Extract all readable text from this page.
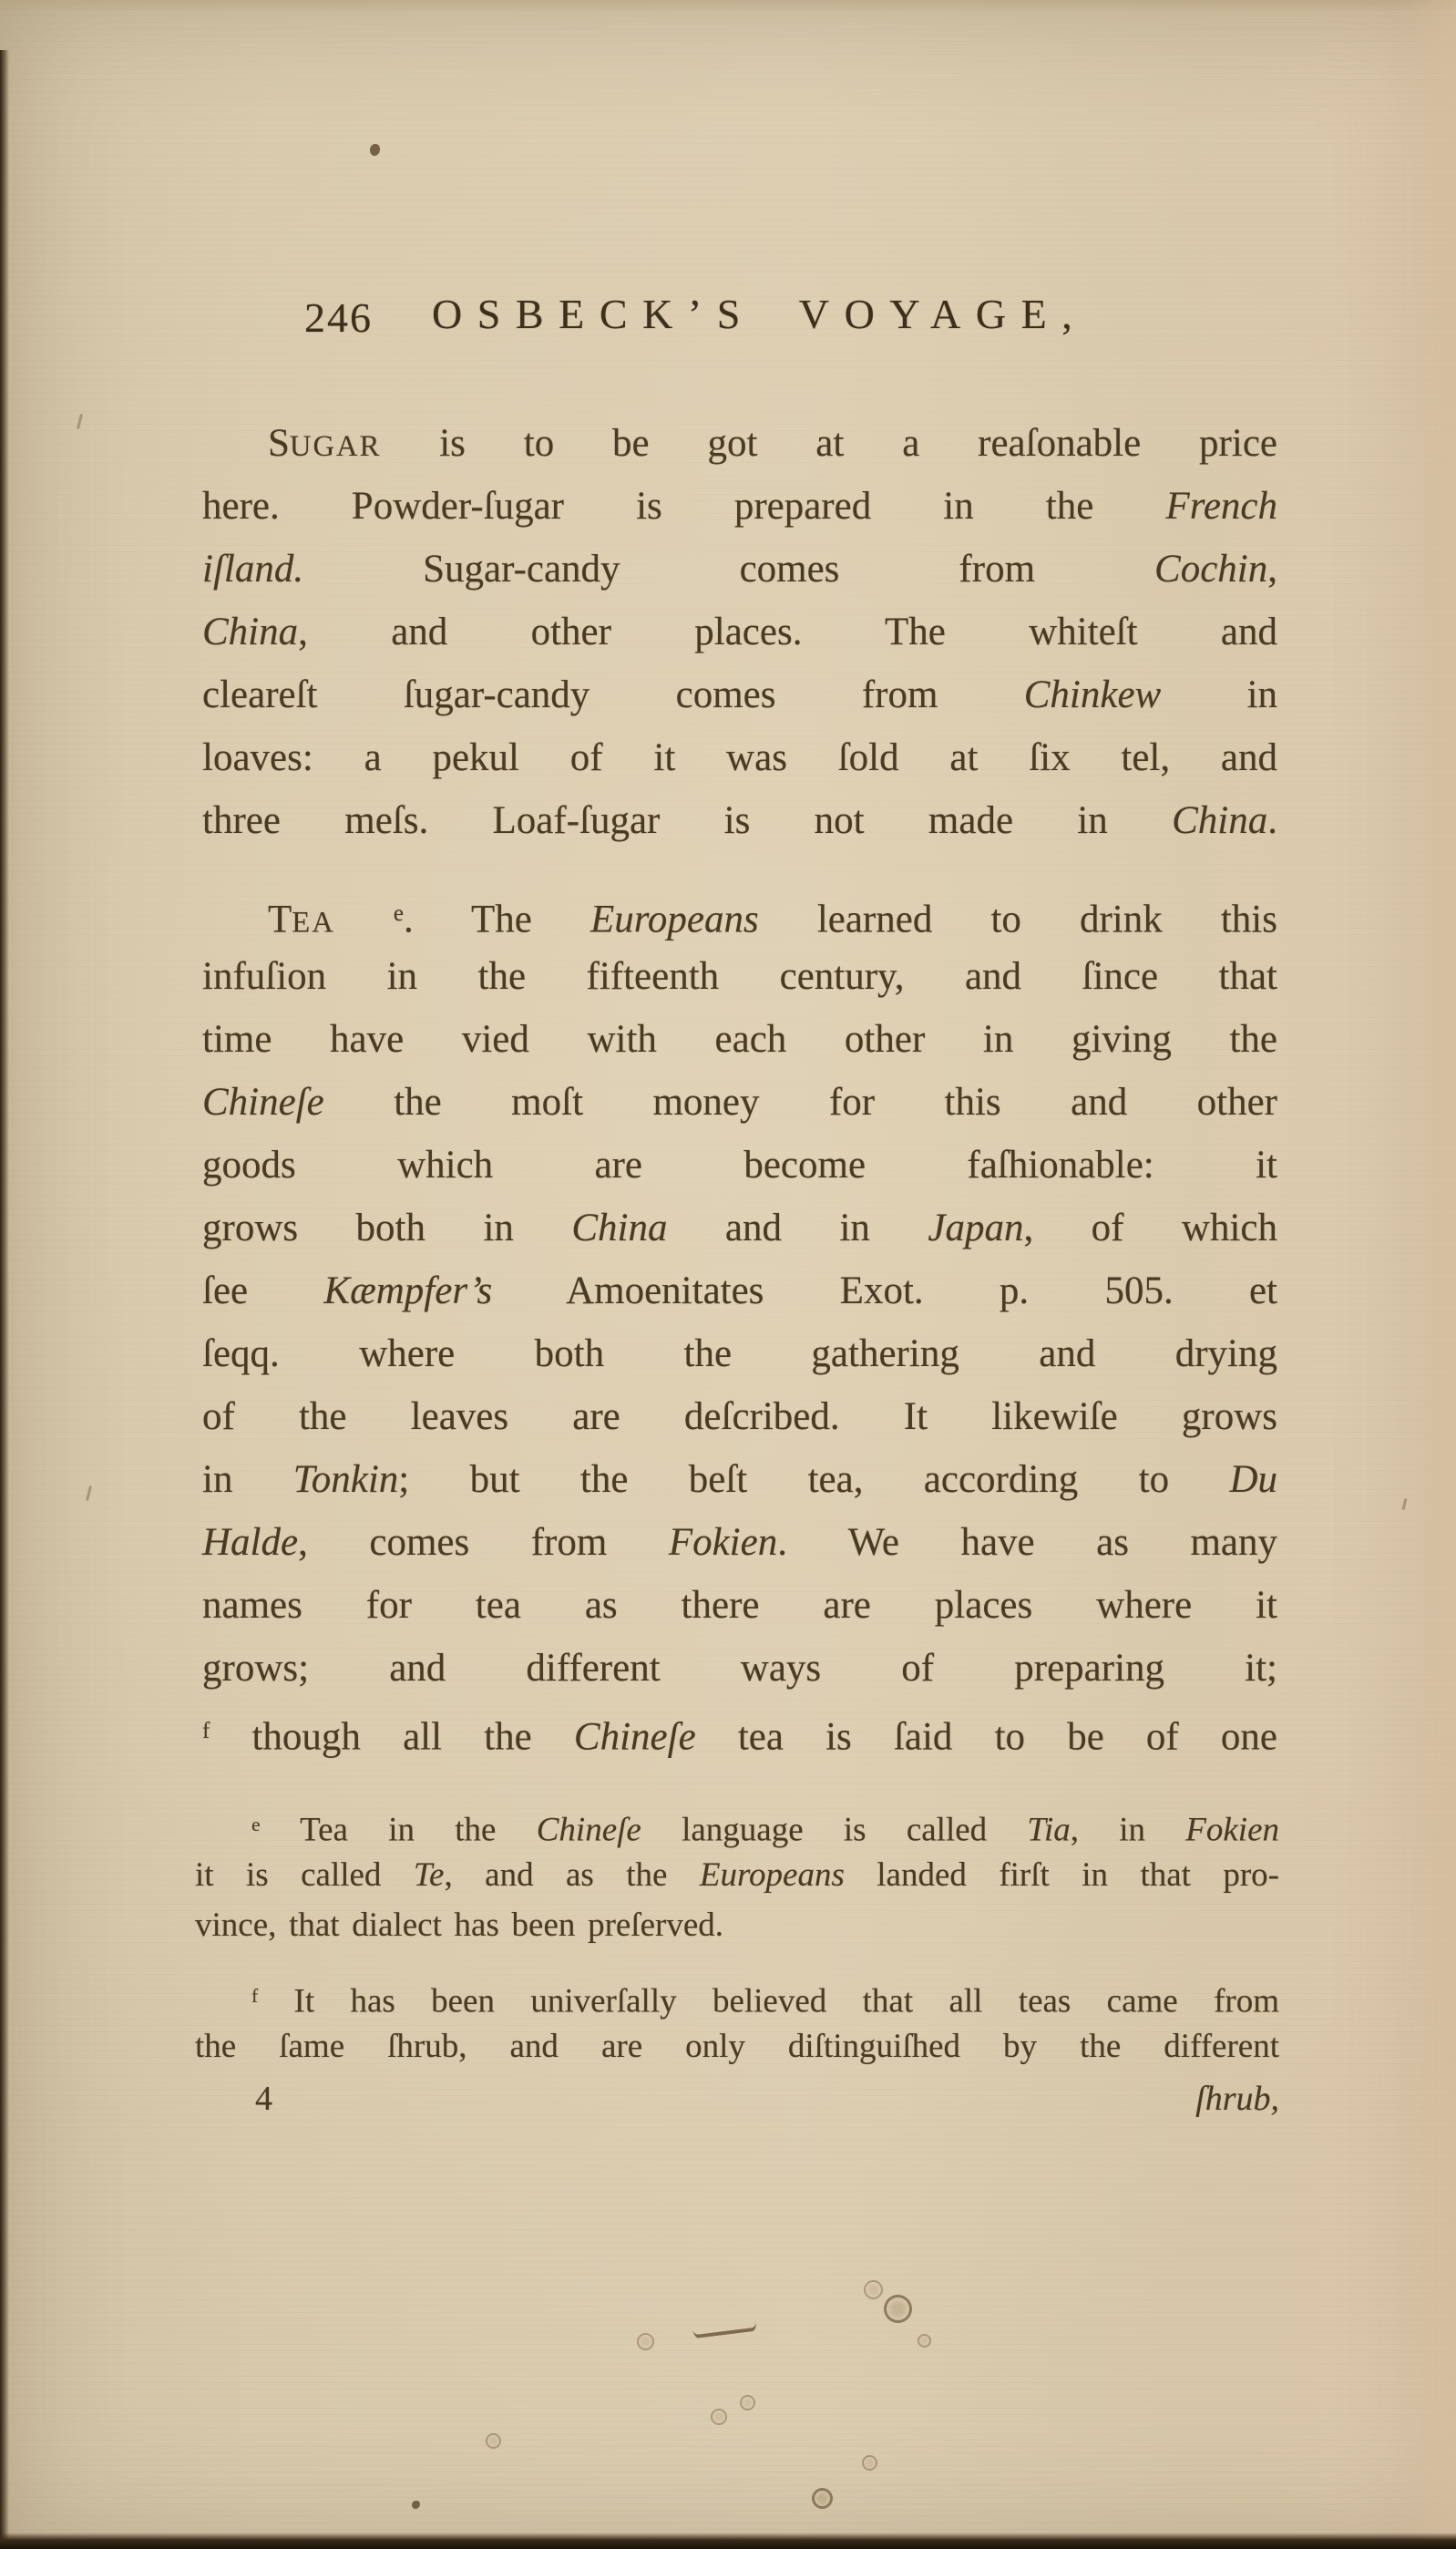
246 OSBECK’S VOYAGE,
SUGAR is to be got at a reaſonable price
here. Powder-ſugar is prepared in the French
iſland. Sugar-candy comes from Cochin,
China, and other places. The whiteſt and
cleareſt ſugar-candy comes from Chinkew in
loaves: a pekul of it was ſold at ſix tel, and
three meſs. Loaf-ſugar is not made in China.
TEA	$^e$. The Europeans learned to drink this
infuſion in the fifteenth century, and ſince that
time have vied with each other in giving the
Chineſe the moſt money for this and other
goods which are become faſhionable: it
grows both in China and in Japan, of which
ſee Kæmpfer’s Amoenitates Exot. p. 505. et
ſeqq. where both the gathering and drying
of the leaves are deſcribed. It likewiſe grows
in Tonkin; but the beſt tea, according to Du
Halde, comes from Fokien. We have as many
names for tea as there are places where it
grows; and different ways of preparing it;
$^f$ though all the Chineſe tea is ſaid to be of one
$^e$ Tea in the Chineſe language is called Tia, in Fokien
it is called Te, and as the Europeans landed firſt in that pro-
vince, that dialect has been preſerved.
$^f$ It has been univerſally believed that all teas came from
the ſame ſhrub, and are only diſtinguiſhed by the different
4	ſhrub,
